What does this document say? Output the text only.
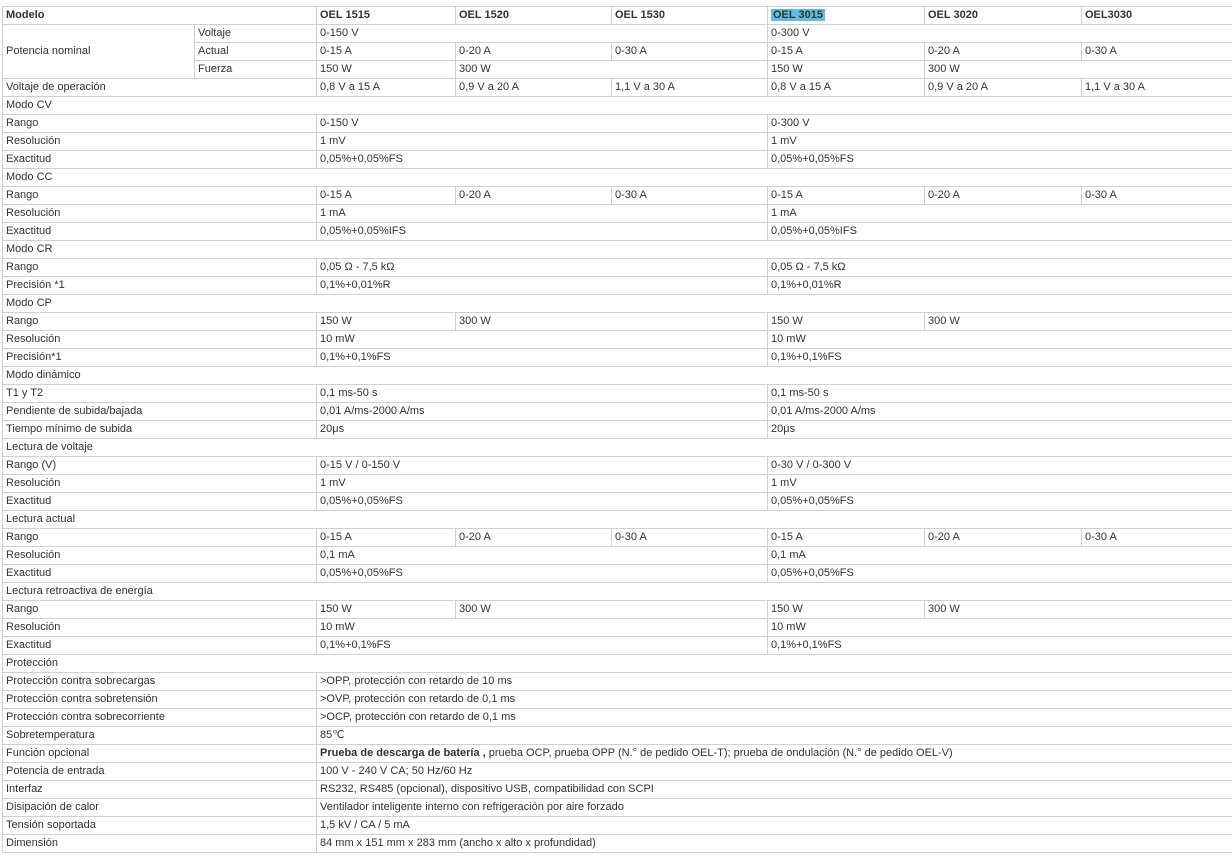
Modelo		OEL 1515	OEL 1520	OEL 1530	OEL 3015	OEL 3020	OEL3030
Potencia nominal	Voltaje	0-150 V			0-300 V		
	Actual	0-15 A	0-20 A	0-30 A	0-15 A	0-20 A	0-30 A
	Fuerza	150 W	300 W		150 W	300 W	
Voltaje de operación		0,8 V a 15 A	0,9 V a 20 A	1,1 V a 30 A	0,8 V a 15 A	0,9 V a 20 A	1,1 V a 30 A
Modo CV							
Rango		0-150 V			0-300 V		
Resolución		1 mV			1 mV		
Exactitud		0,05%+0,05%FS			0,05%+0,05%FS		
Modo CC							
Rango		0-15 A	0-20 A	0-30 A	0-15 A	0-20 A	0-30 A
Resolución		1 mA			1 mA		
Exactitud		0,05%+0,05%IFS			0,05%+0,05%IFS		
Modo CR							
Rango		0,05 Ω - 7,5 kΩ			0,05 Ω - 7,5 kΩ		
Precisión *1		0,1%+0,01%R			0,1%+0,01%R		
Modo CP							
Rango		150 W	300 W		150 W	300 W	
Resolución		10 mW			10 mW		
Precisión*1		0,1%+0,1%FS			0,1%+0,1%FS		
Modo dinámico							
T1 y T2		0,1 ms-50 s			0,1 ms-50 s		
Pendiente de subida/bajada		0,01 A/ms-2000 A/ms			0,01 A/ms-2000 A/ms		
Tiempo mínimo de subida		20μs			20μs		
Lectura de voltaje							
Rango (V)		0-15 V / 0-150 V			0-30 V / 0-300 V		
Resolución		1 mV			1 mV		
Exactitud		0,05%+0,05%FS			0,05%+0,05%FS		
Lectura actual							
Rango		0-15 A	0-20 A	0-30 A	0-15 A	0-20 A	0-30 A
Resolución		0,1 mA			0,1 mA		
Exactitud		0,05%+0,05%FS			0,05%+0,05%FS		
Lectura retroactiva de energía							
Rango		150 W	300 W		150 W	300 W	
Resolución		10 mW			10 mW		
Exactitud		0,1%+0,1%FS			0,1%+0,1%FS		
Protección							
Protección contra sobrecargas		>OPP, protección con retardo de 10 ms					
Protección contra sobretensión		>OVP, protección con retardo de 0,1 ms					
Protección contra sobrecorriente		>OCP, protección con retardo de 0,1 ms					
Sobretemperatura		85℃					
Función opcional		Prueba de descarga de batería , prueba OCP, prueba OPP (N.° de pedido OEL-T); prueba de ondulación (N.° de pedido OEL-V)					
Potencia de entrada		100 V - 240 V CA; 50 Hz/60 Hz					
Interfaz		RS232, RS485 (opcional), dispositivo USB, compatibilidad con SCPI					
Disipación de calor		Ventilador inteligente interno con refrigeración por aire forzado					
Tensión soportada		1,5 kV / CA / 5 mA					
Dimensión		84 mm x 151 mm x 283 mm (ancho x alto x profundidad)					
